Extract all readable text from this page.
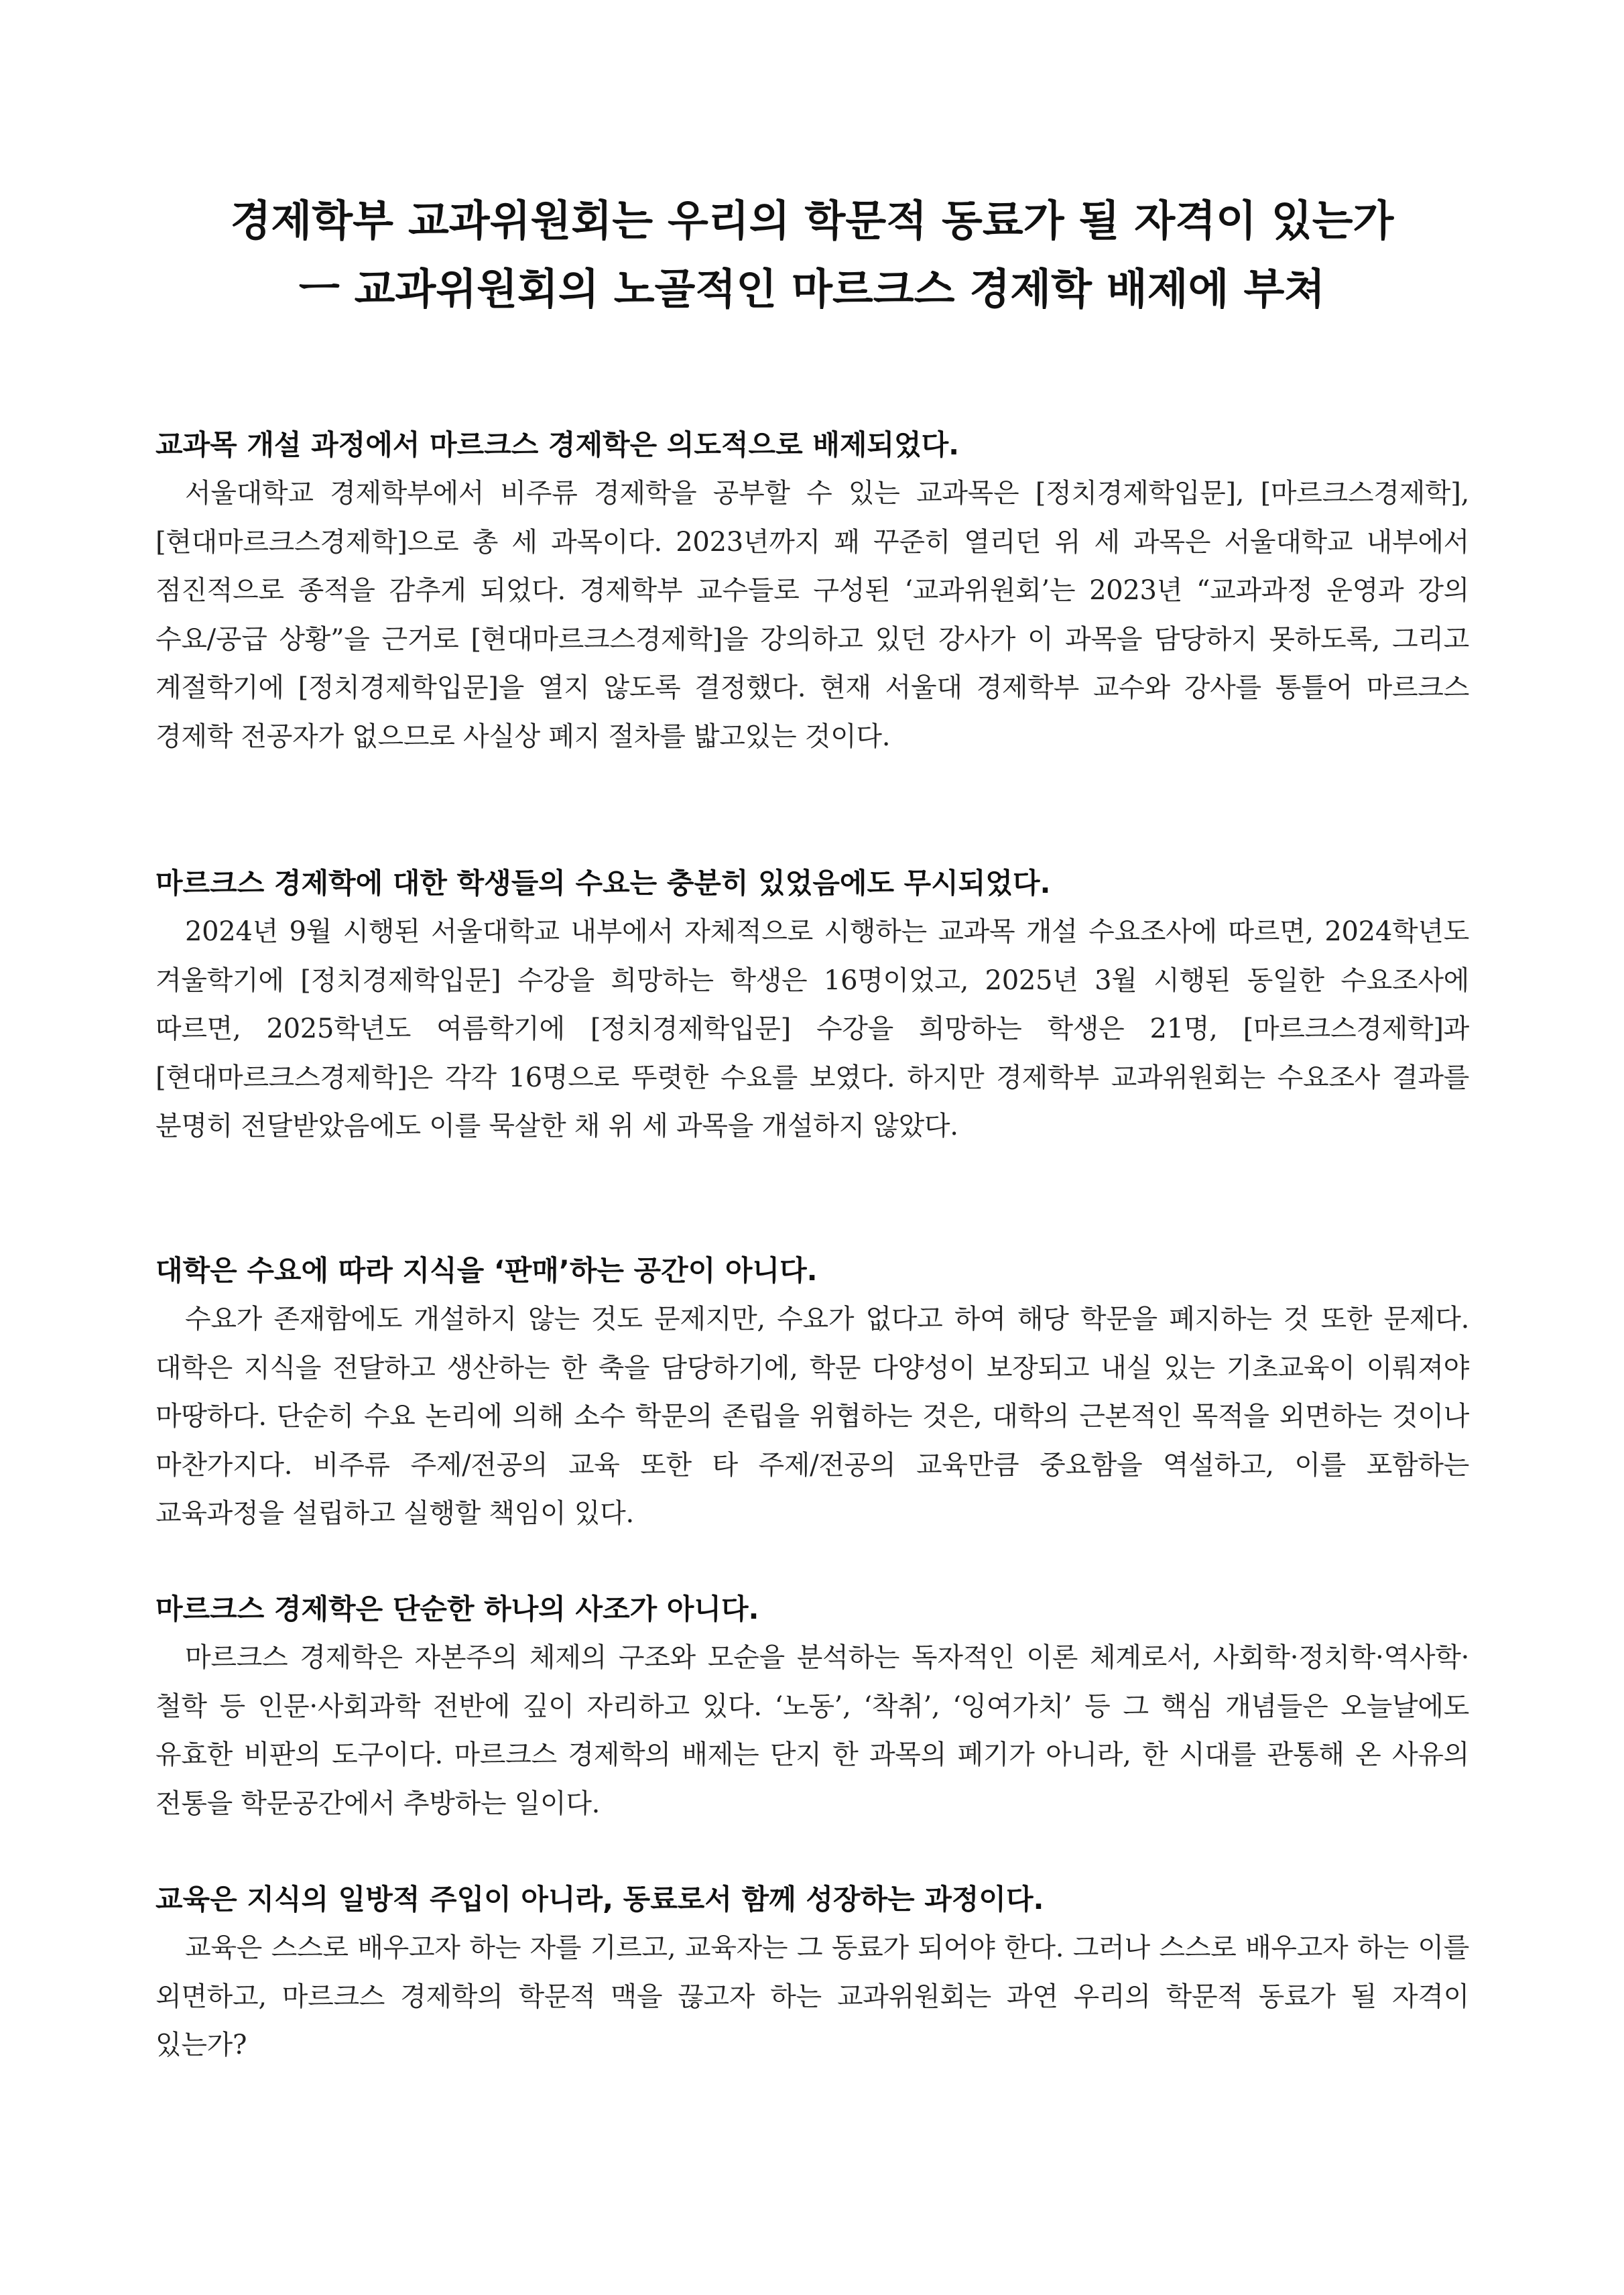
경제학부 교과위원회는 우리의 학문적 동료가 될 자격이 있는가
ㅡ 교과위원회의 노골적인 마르크스 경제학 배제에 부쳐

교과목 개설 과정에서 마르크스 경제학은 의도적으로 배제되었다.

서울대학교 경제학부에서 비주류 경제학을 공부할 수 있는 교과목은 [정치경제학입문], [마르크스경제학], [현대마르크스경제학]으로 총 세 과목이다. 2023년까지 꽤 꾸준히 열리던 위 세 과목은 서울대학교 내부에서 점진적으로 종적을 감추게 되었다. 경제학부 교수들로 구성된 ‘교과위원회’는 2023년 “교과과정 운영과 강의 수요/공급 상황”을 근거로 [현대마르크스경제학]을 강의하고 있던 강사가 이 과목을 담당하지 못하도록, 그리고 계절학기에 [정치경제학입문]을 열지 않도록 결정했다. 현재 서울대 경제학부 교수와 강사를 통틀어 마르크스 경제학 전공자가 없으므로 사실상 폐지 절차를 밟고있는 것이다.

마르크스 경제학에 대한 학생들의 수요는 충분히 있었음에도 무시되었다.

2024년 9월 시행된 서울대학교 내부에서 자체적으로 시행하는 교과목 개설 수요조사에 따르면, 2024학년도 겨울학기에 [정치경제학입문] 수강을 희망하는 학생은 16명이었고, 2025년 3월 시행된 동일한 수요조사에 따르면, 2025학년도 여름학기에 [정치경제학입문] 수강을 희망하는 학생은 21명, [마르크스경제학]과 [현대마르크스경제학]은 각각 16명으로 뚜렷한 수요를 보였다. 하지만 경제학부 교과위원회는 수요조사 결과를 분명히 전달받았음에도 이를 묵살한 채 위 세 과목을 개설하지 않았다.

대학은 수요에 따라 지식을 ‘판매’하는 공간이 아니다.

수요가 존재함에도 개설하지 않는 것도 문제지만, 수요가 없다고 하여 해당 학문을 폐지하는 것 또한 문제다. 대학은 지식을 전달하고 생산하는 한 축을 담당하기에, 학문 다양성이 보장되고 내실 있는 기초교육이 이뤄져야 마땅하다. 단순히 수요 논리에 의해 소수 학문의 존립을 위협하는 것은, 대학의 근본적인 목적을 외면하는 것이나 마찬가지다. 비주류 주제/전공의 교육 또한 타 주제/전공의 교육만큼 중요함을 역설하고, 이를 포함하는 교육과정을 설립하고 실행할 책임이 있다.

마르크스 경제학은 단순한 하나의 사조가 아니다.

마르크스 경제학은 자본주의 체제의 구조와 모순을 분석하는 독자적인 이론 체계로서, 사회학·정치학·역사학·철학 등 인문·사회과학 전반에 깊이 자리하고 있다. ‘노동’, ‘착취’, ‘잉여가치’ 등 그 핵심 개념들은 오늘날에도 유효한 비판의 도구이다. 마르크스 경제학의 배제는 단지 한 과목의 폐기가 아니라, 한 시대를 관통해 온 사유의 전통을 학문공간에서 추방하는 일이다.

교육은 지식의 일방적 주입이 아니라, 동료로서 함께 성장하는 과정이다.

교육은 스스로 배우고자 하는 자를 기르고, 교육자는 그 동료가 되어야 한다. 그러나 스스로 배우고자 하는 이를 외면하고, 마르크스 경제학의 학문적 맥을 끊고자 하는 교과위원회는 과연 우리의 학문적 동료가 될 자격이 있는가?
